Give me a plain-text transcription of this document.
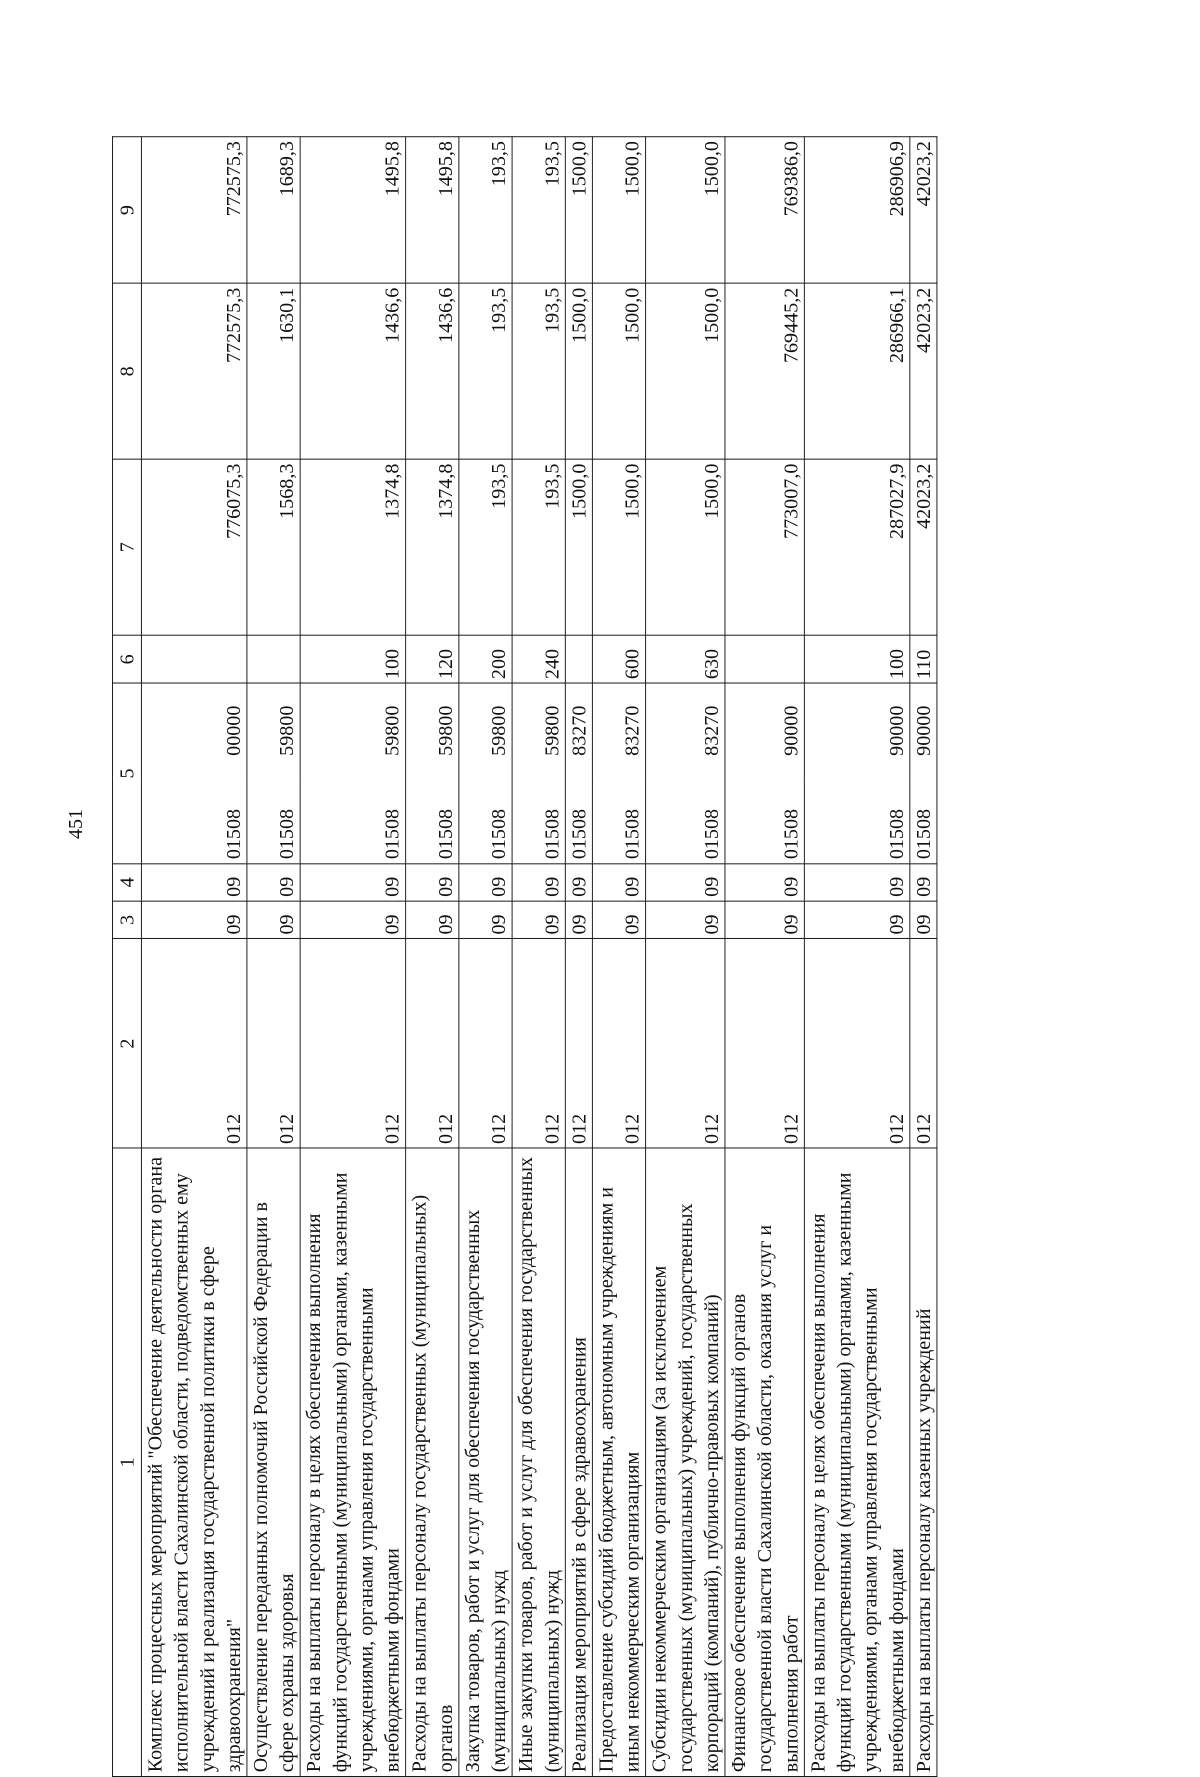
451
1	2	3	4	5		6	7	8	9
Комплекс процессных мероприятий "Обеспечение деятельности органа исполнительной власти Сахалинской области, подведомственных ему учреждений и реализация государственной политики в сфере здравоохранения"	012	09	09	01508	00000		776075,3	772575,3	772575,3
Осуществление переданных полномочий Российской Федерации в сфере охраны здоровья	012	09	09	01508	59800		1568,3	1630,1	1689,3
Расходы на выплаты персоналу в целях обеспечения выполнения функций государственными (муниципальными) органами, казенными учреждениями, органами управления государственными внебюджетными фондами	012	09	09	01508	59800	100	1374,8	1436,6	1495,8
Расходы на выплаты персоналу государственных (муниципальных) органов	012	09	09	01508	59800	120	1374,8	1436,6	1495,8
Закупка товаров, работ и услуг для обеспечения государственных (муниципальных) нужд	012	09	09	01508	59800	200	193,5	193,5	193,5
Иные закупки товаров, работ и услуг для обеспечения государственных (муниципальных) нужд	012	09	09	01508	59800	240	193,5	193,5	193,5
Реализация мероприятий в сфере здравоохранения	012	09	09	01508	83270		1500,0	1500,0	1500,0
Предоставление субсидий бюджетным, автономным учреждениям и иным некоммерческим организациям	012	09	09	01508	83270	600	1500,0	1500,0	1500,0
Субсидии некоммерческим организациям (за исключением государственных (муниципальных) учреждений, государственных корпораций (компаний), публично-правовых компаний)	012	09	09	01508	83270	630	1500,0	1500,0	1500,0
Финансовое обеспечение выполнения функций органов государственной власти Сахалинской области, оказания услуг и выполнения работ	012	09	09	01508	90000		773007,0	769445,2	769386,0
Расходы на выплаты персоналу в целях обеспечения выполнения функций государственными (муниципальными) органами, казенными учреждениями, органами управления государственными внебюджетными фондами	012	09	09	01508	90000	100	287027,9	286966,1	286906,9
Расходы на выплаты персоналу казенных учреждений	012	09	09	01508	90000	110	42023,2	42023,2	42023,2
